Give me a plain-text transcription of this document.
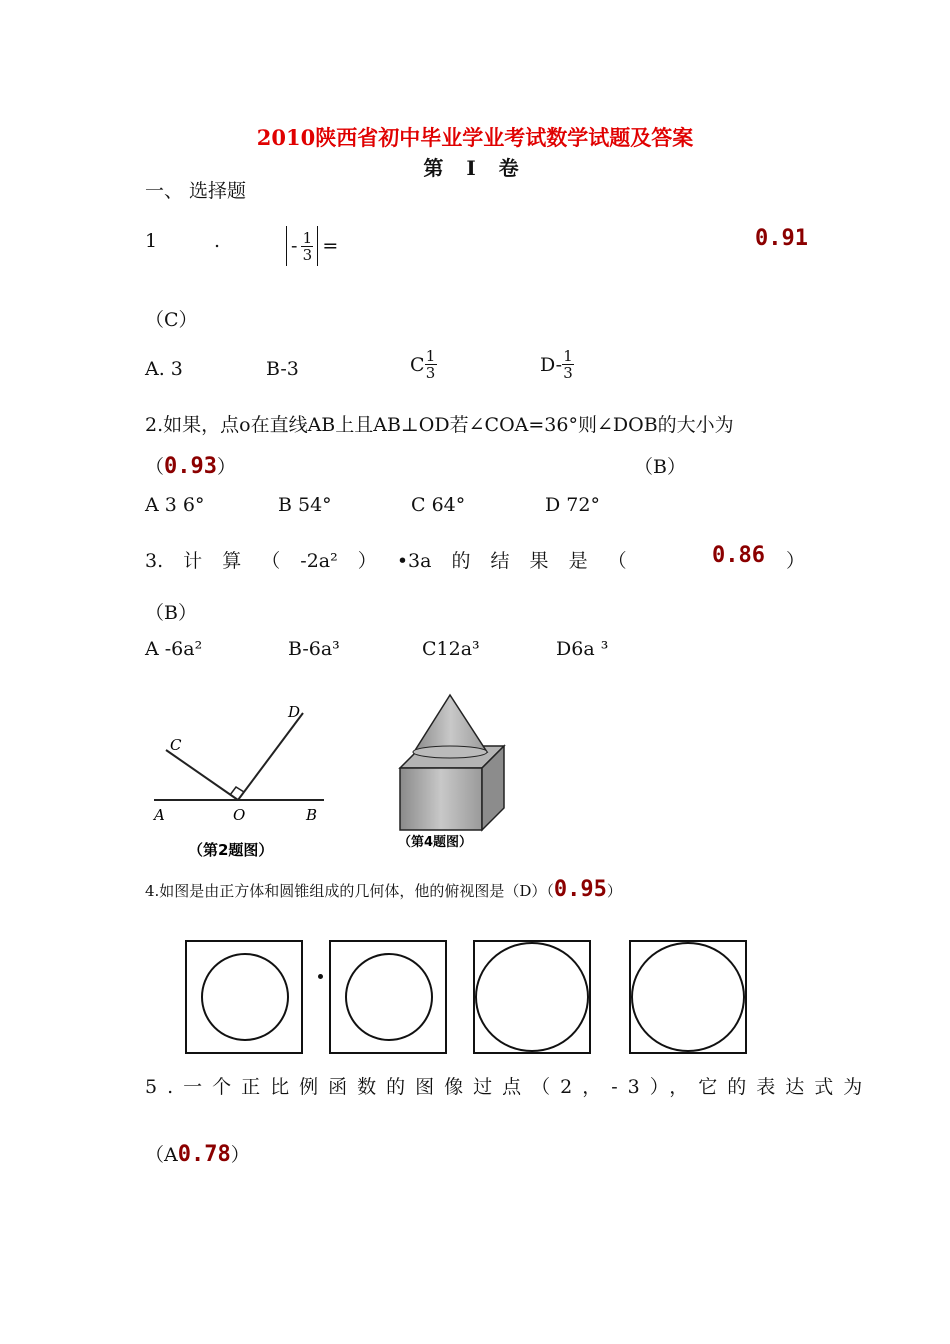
2010陕西省初中毕业学业考试数学试题及答案
第 I 卷
一、 选择题
1	.	- $\frac{1}{3}$ =	0.91
（C）
A. 3	B-3	C $\frac{1}{3}$	$D- \frac{1}{3}$
2.如果，点o在直线AB上且AB⊥OD若∠COA=36°则∠DOB的大小为
（0.93）	（B）
A 3 6°	B 54°	C 64°	D 72°
3. 计 算 （ -2a² ） •3a 的 结 果 是 （	0.86 ）
（B）
A -6a²	B-6a³	C12a³	D6a ³
C
D
A	O	B
（第2题图）	（第4题图）
4.如图是由正方体和圆锥组成的几何体，他的俯视图是（D）（0.95）
5.一个正比例函数的图像过点（2，-3），它的表达式为
（A0.78）
